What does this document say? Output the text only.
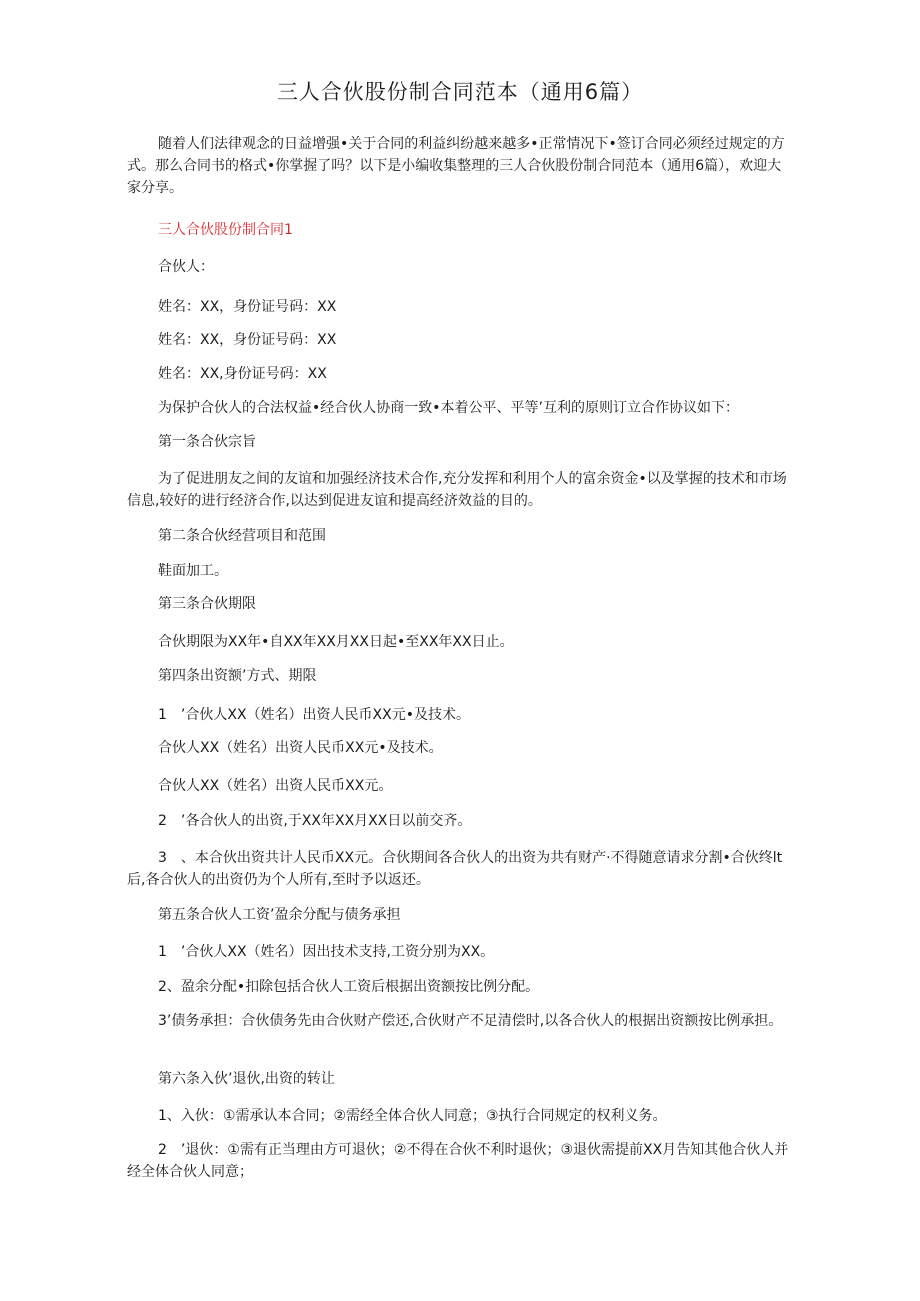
三人合伙股份制合同范本（通用6篇）

随着人们法律观念的日益增强•关于合同的利益纠纷越来越多•正常情况下•签订合同必须经过规定的方式。那么合同书的格式•你掌握了吗？以下是小编收集整理的三人合伙股份制合同范本（通用6篇），欢迎大家分享。

三人合伙股份制合同1

合伙人：

姓名：XX，身份证号码：XX

姓名：XX，身份证号码：XX

姓名：XX,身份证号码：XX

为保护合伙人的合法权益•经合伙人协商一致•本着公平、平等’互利的原则订立合作协议如下：

第一条合伙宗旨

为了促进朋友之间的友谊和加强经济技术合作,充分发挥和利用个人的富余资金•以及掌握的技术和市场信息,较好的进行经济合作,以达到促进友谊和提高经济效益的目的。

第二条合伙经营项目和范围

鞋面加工。

第三条合伙期限

合伙期限为XX年•自XX年XX月XX日起•至XX年XX日止。

第四条出资额’方式、期限

1　’合伙人XX（姓名）出资人民币XX元•及技术。

合伙人XX（姓名）出资人民币XX元•及技术。

合伙人XX（姓名）出资人民币XX元。

2　’各合伙人的出资,于XX年XX月XX日以前交齐。

3　、本合伙出资共计人民币XX元。合伙期间各合伙人的出资为共有财产·不得随意请求分割•合伙终lt后,各合伙人的出资仍为个人所有,至时予以返还。

第五条合伙人工资’盈余分配与债务承担

1　’合伙人XX（姓名）因出技术支持,工资分别为XX。

2、盈余分配•扣除包括合伙人工资后根据出资额按比例分配。

3’债务承担：合伙债务先由合伙财产偿还,合伙财产不足清偿时,以各合伙人的根据出资额按比例承担。

第六条入伙’退伙,出资的转让

1、入伙：①需承认本合同；②需经全体合伙人同意；③执行合同规定的权利义务。

2　’退伙：①需有正当理由方可退伙；②不得在合伙不利时退伙；③退伙需提前XX月告知其他合伙人并经全体合伙人同意；
